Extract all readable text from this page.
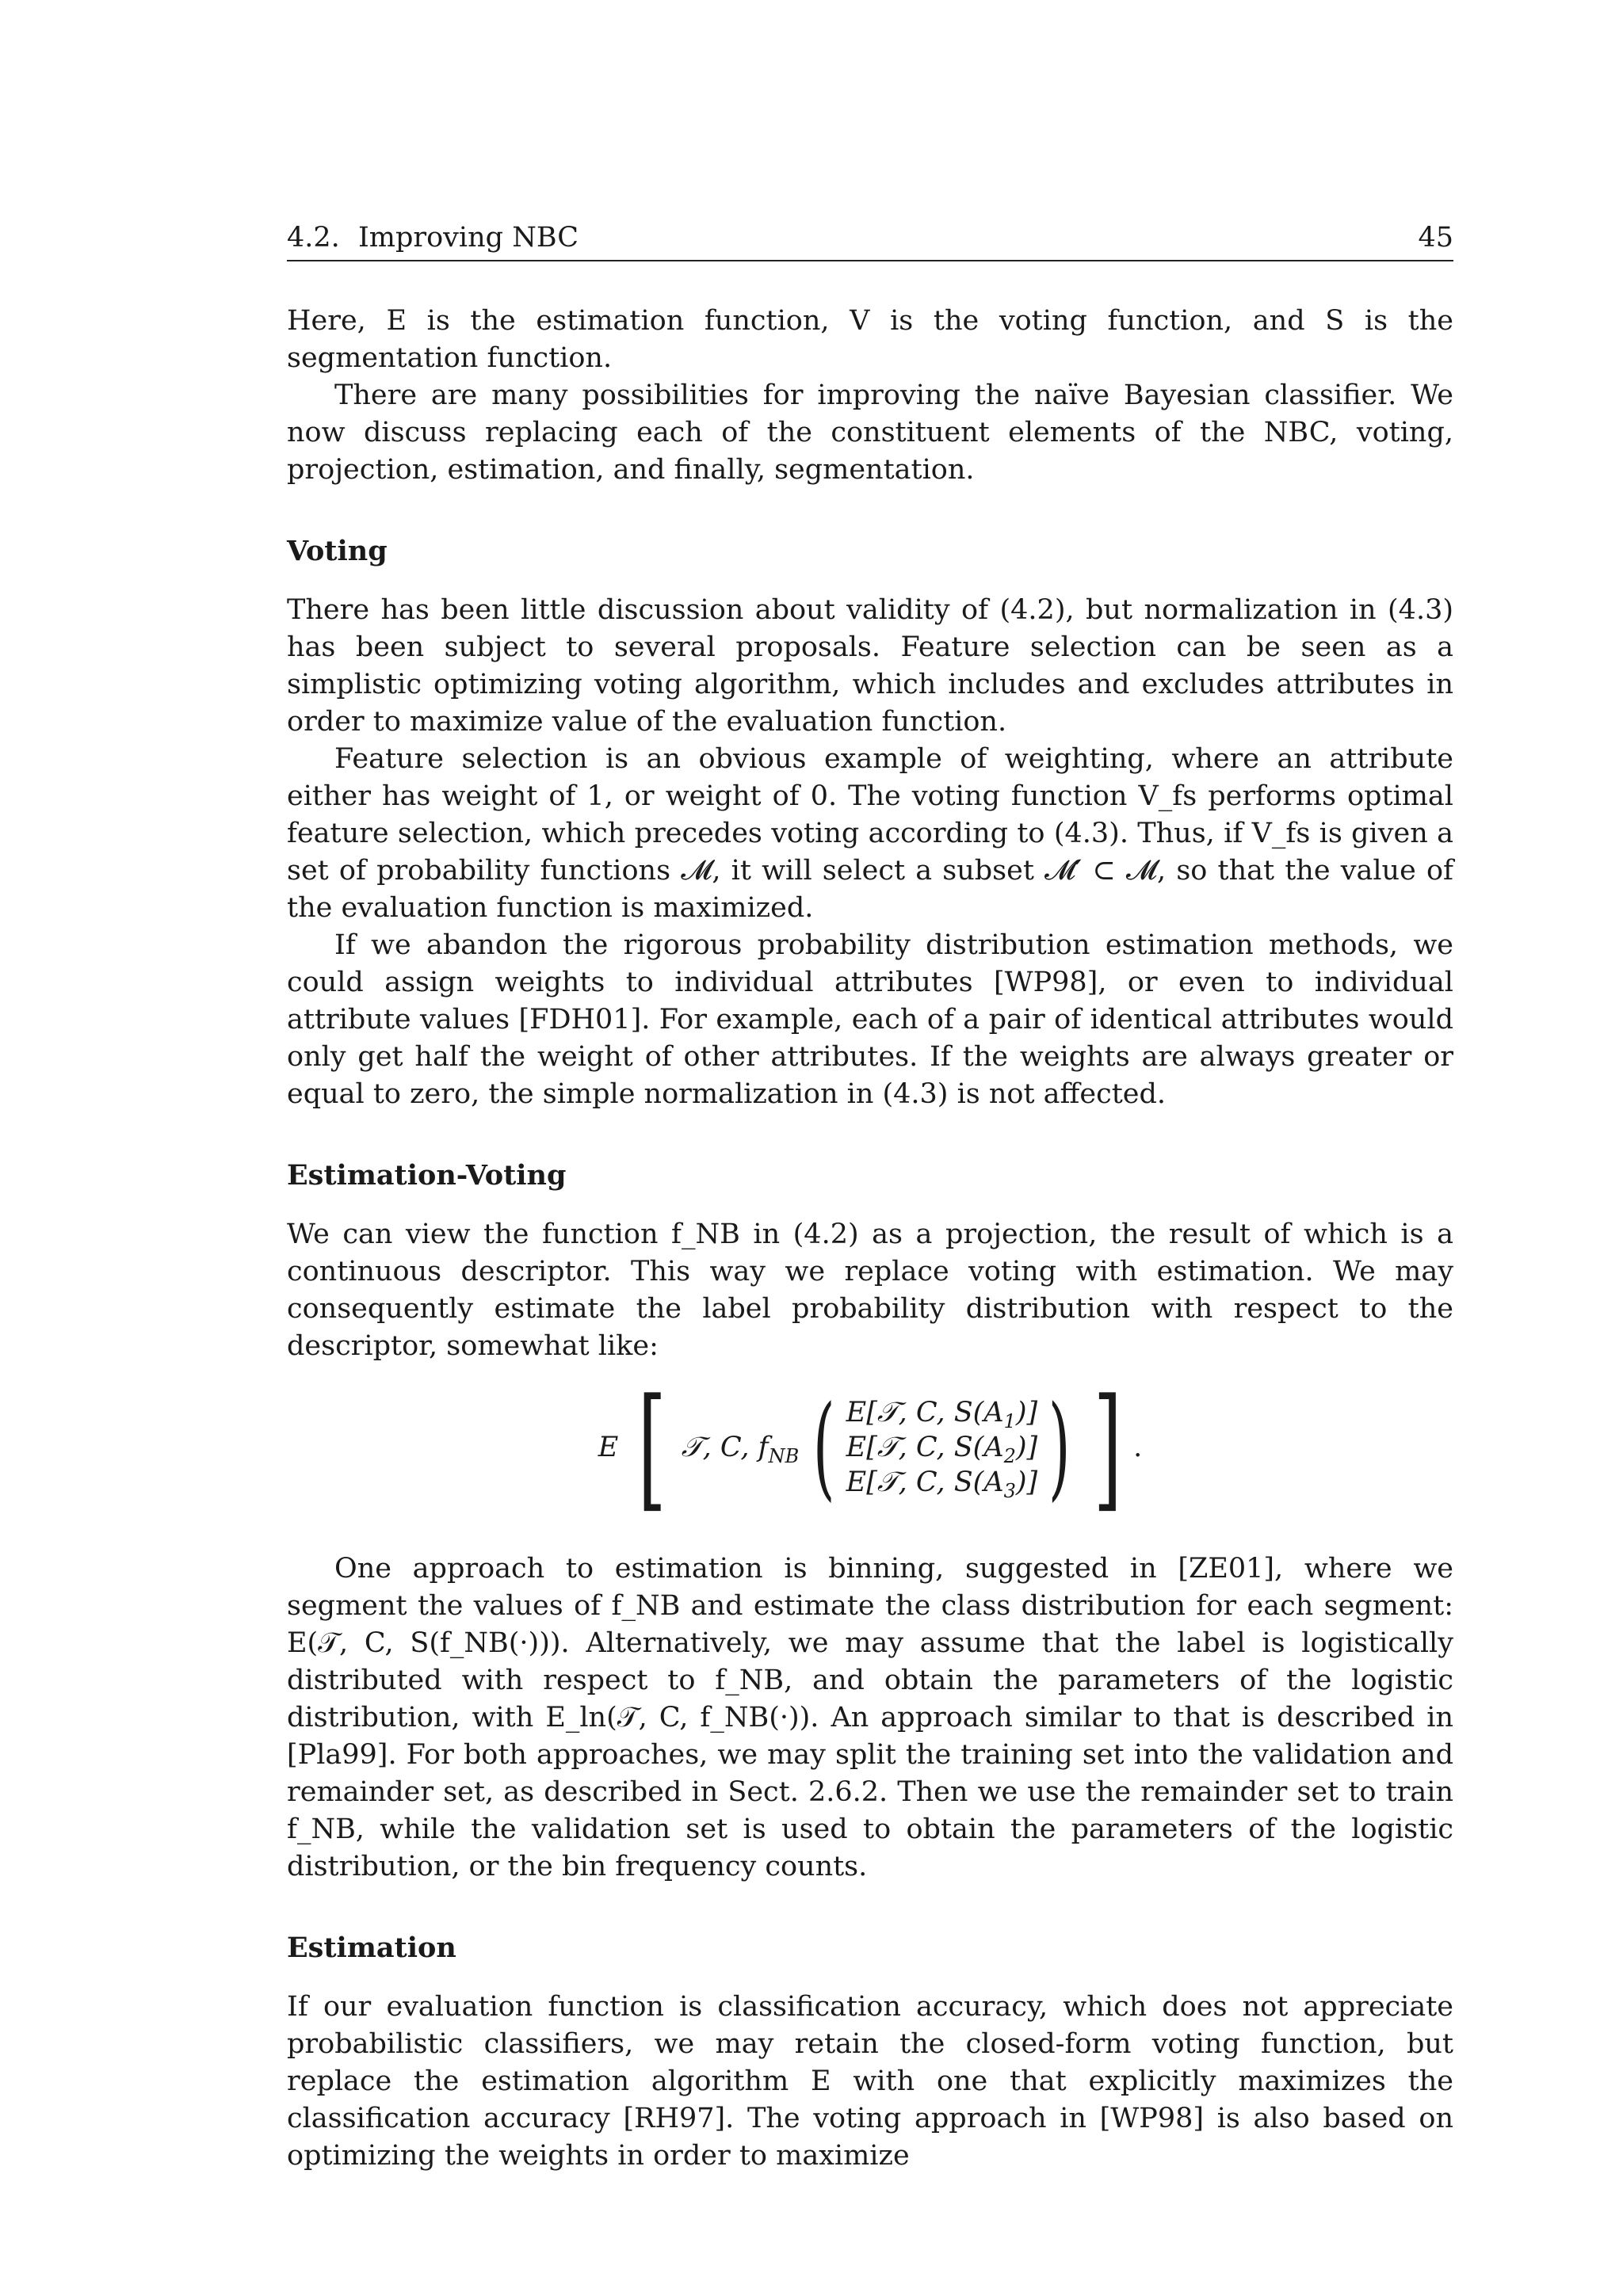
4.2. Improving NBC	45

Here, E is the estimation function, V is the voting function, and S is the segmentation function.

There are many possibilities for improving the naïve Bayesian classifier. We now discuss replacing each of the constituent elements of the NBC, voting, projection, estimation, and finally, segmentation.

Voting

There has been little discussion about validity of (4.2), but normalization in (4.3) has been subject to several proposals. Feature selection can be seen as a simplistic optimizing voting algorithm, which includes and excludes attributes in order to maximize value of the evaluation function.

Feature selection is an obvious example of weighting, where an attribute either has weight of 1, or weight of 0. The voting function V_fs performs optimal feature selection, which precedes voting according to (4.3). Thus, if V_fs is given a set of probability functions 𝓜, it will select a subset 𝓜′ ⊂ 𝓜, so that the value of the evaluation function is maximized.

If we abandon the rigorous probability distribution estimation methods, we could assign weights to individual attributes [WP98], or even to individual attribute values [FDH01]. For example, each of a pair of identical attributes would only get half the weight of other attributes. If the weights are always greater or equal to zero, the simple normalization in (4.3) is not affected.

Estimation-Voting

We can view the function f_NB in (4.2) as a projection, the result of which is a continuous descriptor. This way we replace voting with estimation. We may consequently estimate the label probability distribution with respect to the descriptor, somewhat like:

E [ 𝒯, C, $f_{NB}$ ( E[𝒯, C, $S(A_1)$]
E[𝒯, C, $S(A_2)$]
E[𝒯, C, $S(A_3)$] ) ] .

One approach to estimation is binning, suggested in [ZE01], where we segment the values of f_NB and estimate the class distribution for each segment: E(𝒯, C, S(f_NB(·))). Alternatively, we may assume that the label is logistically distributed with respect to f_NB, and obtain the parameters of the logistic distribution, with E_ln(𝒯, C, f_NB(·)). An approach similar to that is described in [Pla99]. For both approaches, we may split the training set into the validation and remainder set, as described in Sect. 2.6.2. Then we use the remainder set to train f_NB, while the validation set is used to obtain the parameters of the logistic distribution, or the bin frequency counts.

Estimation

If our evaluation function is classification accuracy, which does not appreciate probabilistic classifiers, we may retain the closed-form voting function, but replace the estimation algorithm E with one that explicitly maximizes the classification accuracy [RH97]. The voting approach in [WP98] is also based on optimizing the weights in order to maximize
